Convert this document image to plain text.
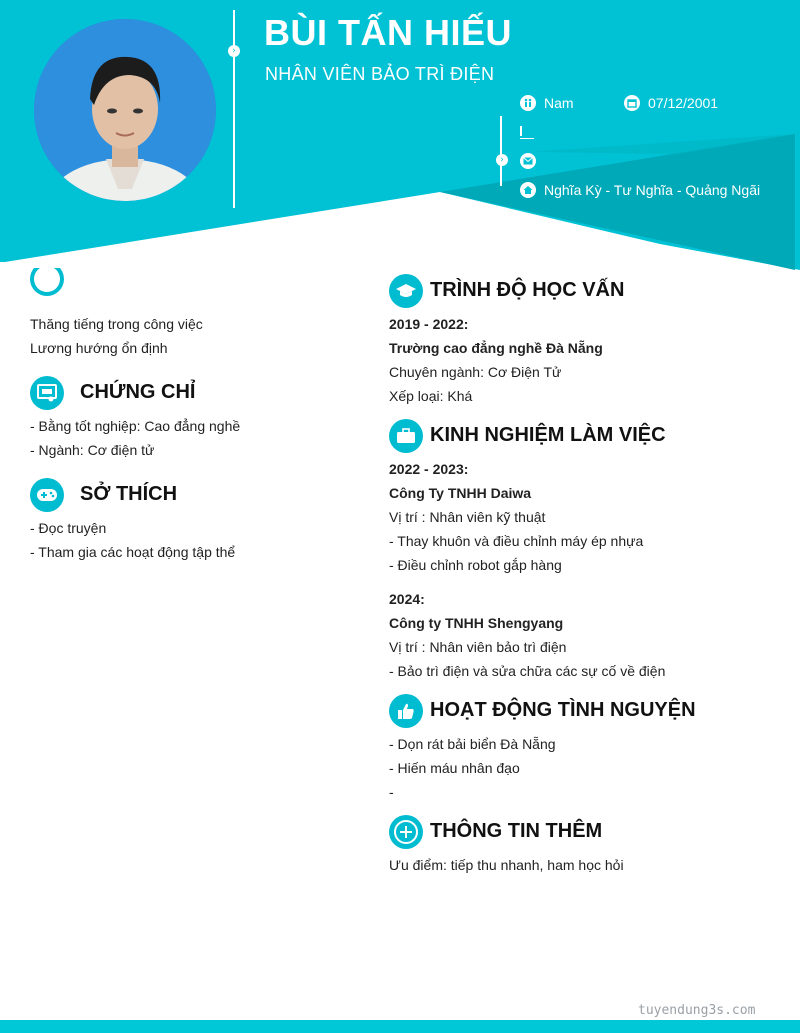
› BÙI TẤN HIẾU
NHÂN VIÊN BẢO TRÌ ĐIỆN
›
Nam	07/12/2001
Nghĩa Kỳ - Tư Nghĩa - Quảng Ngãi
Thăng tiếng trong công việc
Lương hướng ổn định
CHỨNG CHỈ
- Bằng tốt nghiệp: Cao đẳng nghề
- Ngành: Cơ điện tử
SỞ THÍCH
- Đọc truyện
- Tham gia các hoạt động tập thể
TRÌNH ĐỘ HỌC VẤN
2019 - 2022:
Trường cao đẳng nghề Đà Nẵng
Chuyên ngành: Cơ Điện Tử
Xếp loại: Khá
KINH NGHIỆM LÀM VIỆC
2022 - 2023:
Công Ty TNHH Daiwa
Vị trí : Nhân viên kỹ thuật
- Thay khuôn và điều chỉnh máy ép nhựa
- Điều chỉnh robot gắp hàng
2024:
Công ty TNHH Shengyang
Vị trí : Nhân viên bảo trì điện
- Bảo trì điện và sửa chữa các sự cố về điện
HOẠT ĐỘNG TÌNH NGUYỆN
- Dọn rát bải biển Đà Nẵng
- Hiến máu nhân đạo
-
THÔNG TIN THÊM
Ưu điểm: tiếp thu nhanh, ham học hỏi
tuyendung3s.com
